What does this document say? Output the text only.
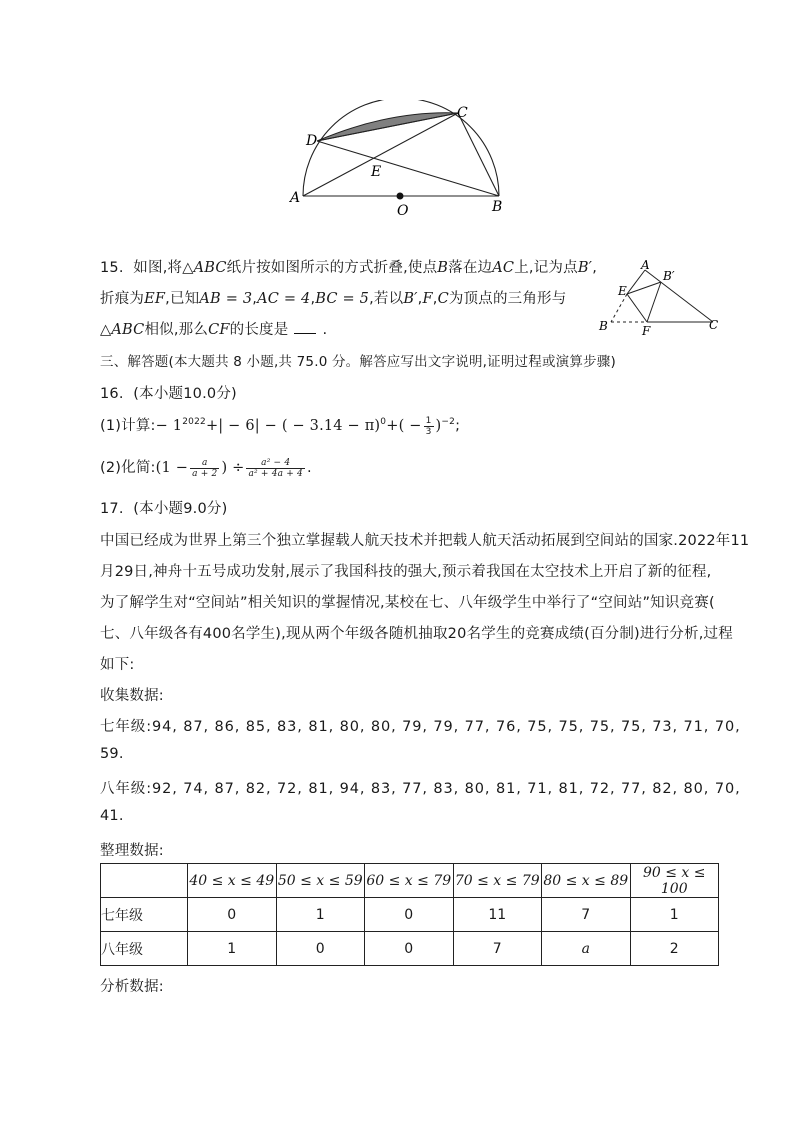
D
C
E
A
O	B
15. 如图,将△ABC纸片按如图所示的方式折叠,使点B落在边AC上,记为点B′,
折痕为EF,已知AB = 3,AC = 4,BC = 5,若以B′,F,C为顶点的三角形与
△ABC相似,那么CF的长度是 .
A
B′
E
B	F	C
三、解答题(本大题共 8 小题,共 75.0 分。解答应写出文字说明,证明过程或演算步骤)
16. (本小题10.0分)
(1)计算:− $1^{2022}+| - 6|$ − ( − $3.14 - \pi)^0+( - \frac{1}{3} )^{-2}$;
(2)化简:(1 − $\frac{a}{a + 2}$ ) ÷ $\frac{\text{a² − 4}}{\text{a² + 4a + 4}}$ .
17. (本小题9.0分)
中国已经成为世界上第三个独立掌握载人航天技术并把载人航天活动拓展到空间站的国家.2022年11
月29日,神舟十五号成功发射,展示了我国科技的强大,预示着我国在太空技术上开启了新的征程,
为了解学生对“空间站”相关知识的掌握情况,某校在七、八年级学生中举行了“空间站”知识竞赛(
七、八年级各有400名学生),现从两个年级各随机抽取20名学生的竞赛成绩(百分制)进行分析,过程
如下:
收集数据:
七年级:94, 87, 86, 85, 83, 81, 80, 80, 79, 79, 77, 76, 75, 75, 75, 75, 73, 71, 70,
59.
八年级:92, 74, 87, 82, 72, 81, 94, 83, 77, 83, 80, 81, 71, 81, 72, 77, 82, 80, 70,
41.
整理数据:
	40 ≤ x ≤ 49	50 ≤ x ≤ 59	60 ≤ x ≤ 79	70 ≤ x ≤ 79	80 ≤ x ≤ 89	90 ≤ x ≤ 100
七年级	0	1	0	11	7	1
八年级	1	0	0	7	a	2
分析数据:
